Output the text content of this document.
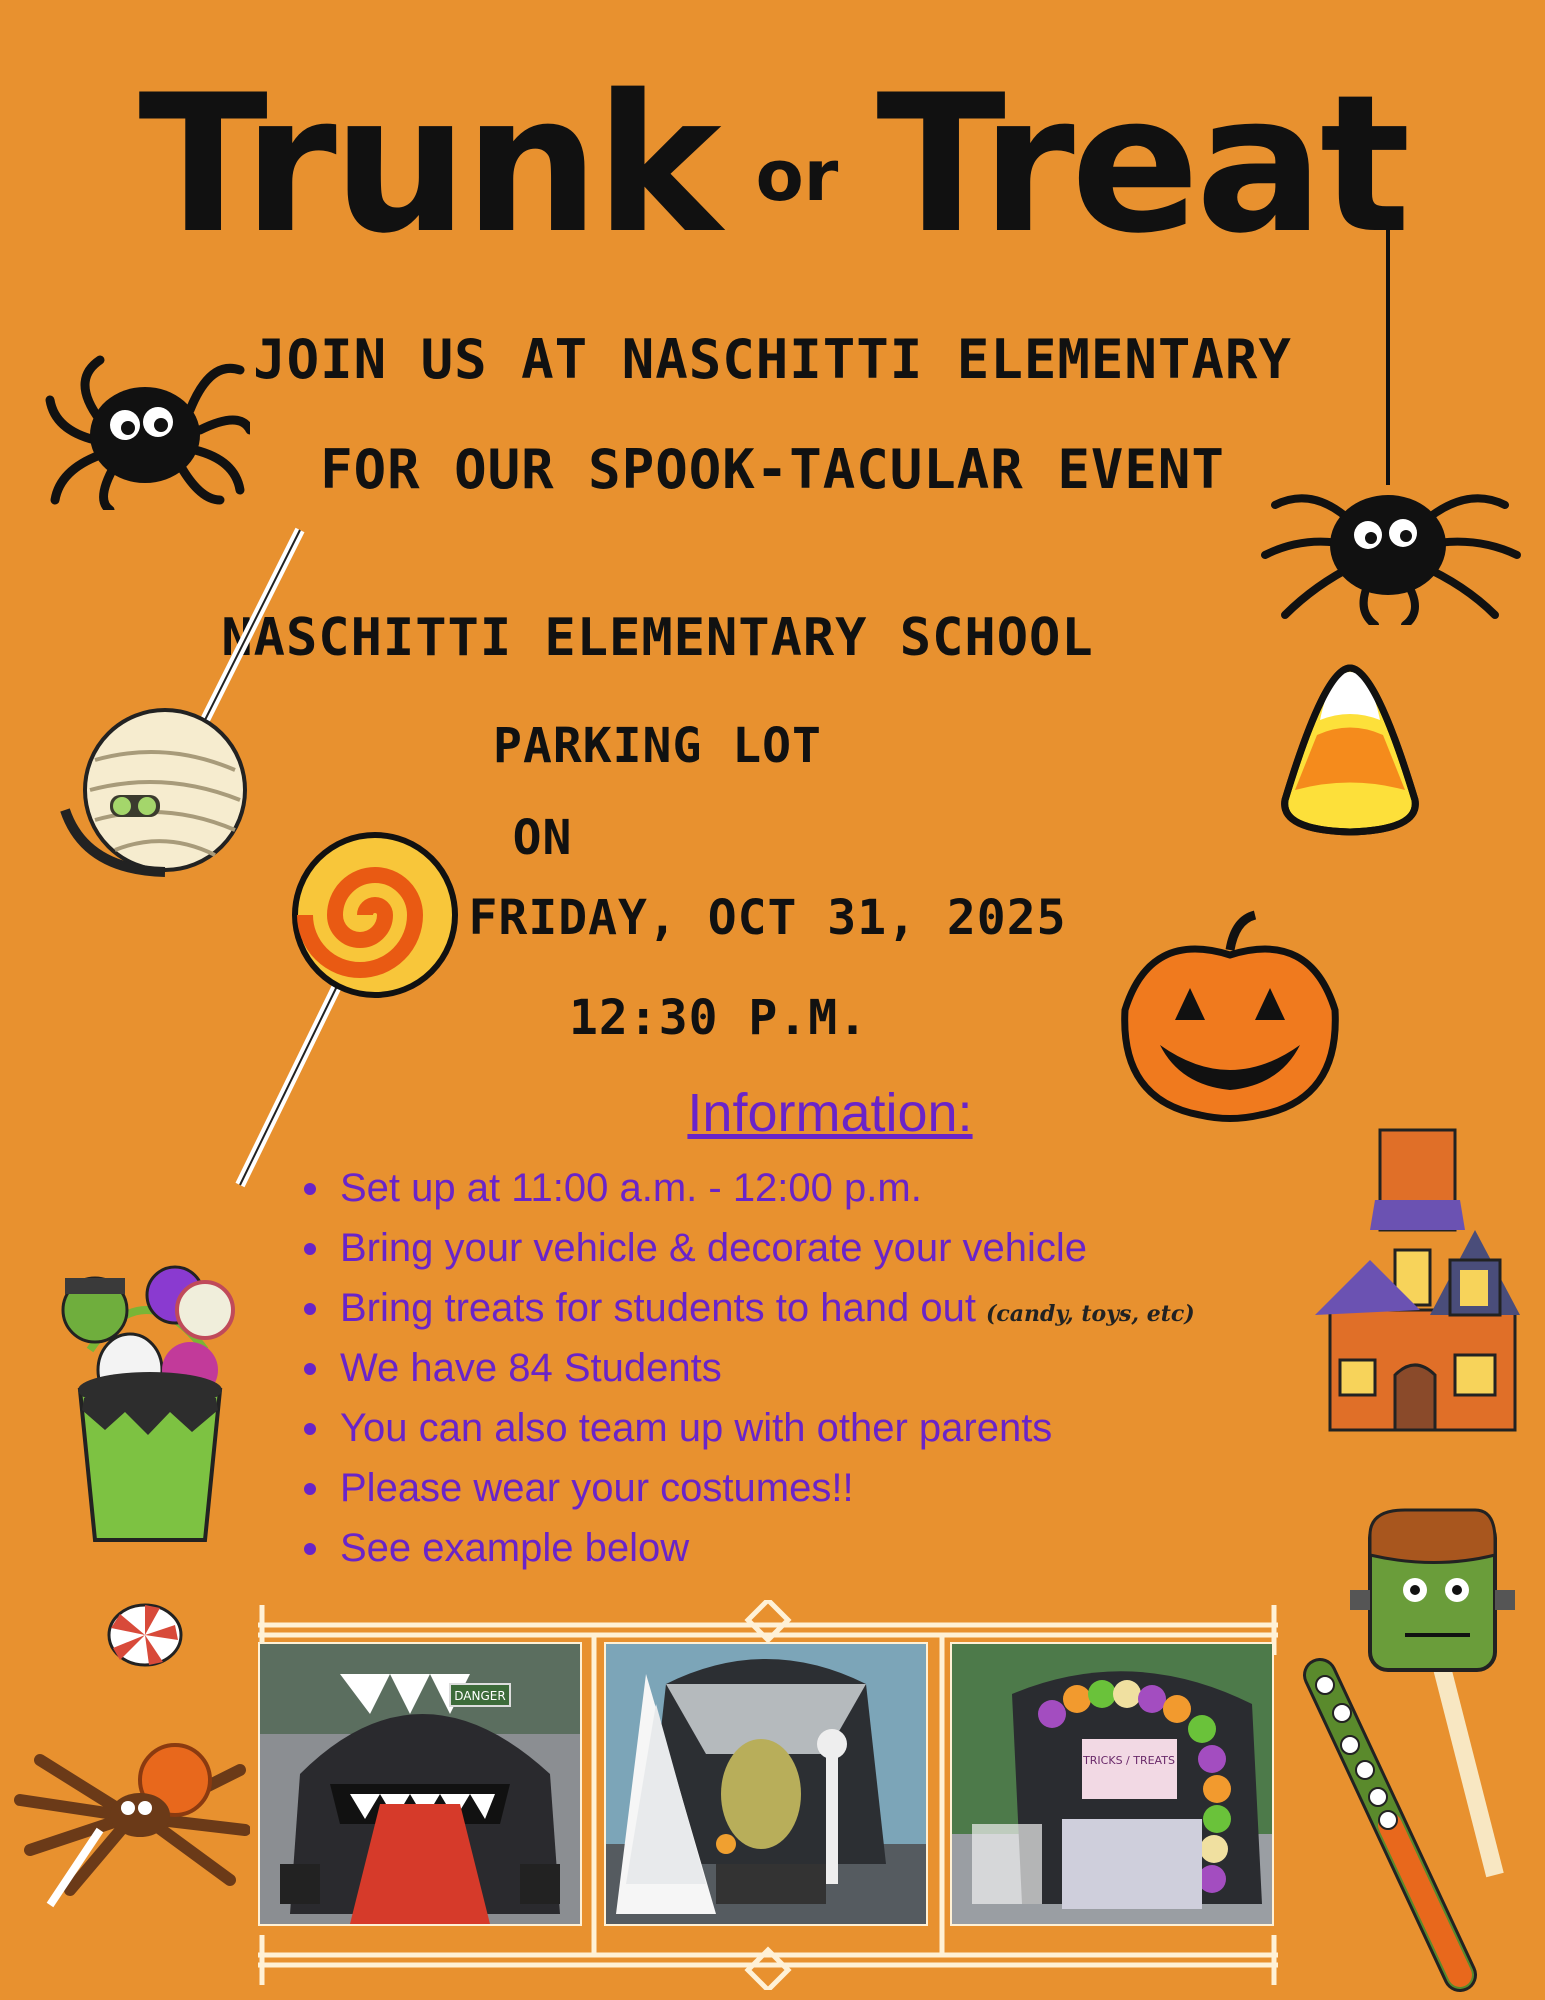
Trunk or Treat
JOIN US AT NASCHITTI ELEMENTARY
FOR OUR SPOOK-TACULAR EVENT
NASCHITTI ELEMENTARY SCHOOL
PARKING LOT
ON
FRIDAY, OCT 31, 2025
12:30 P.M.
Information:
Set up at 11:00 a.m. - 12:00 p.m.
Bring your vehicle & decorate your vehicle
Bring treats for students to hand out (candy, toys, etc)
We have 84 Students
You can also team up with other parents
Please wear your costumes!!
See example below
DANGER
TRICKS / TREATS
